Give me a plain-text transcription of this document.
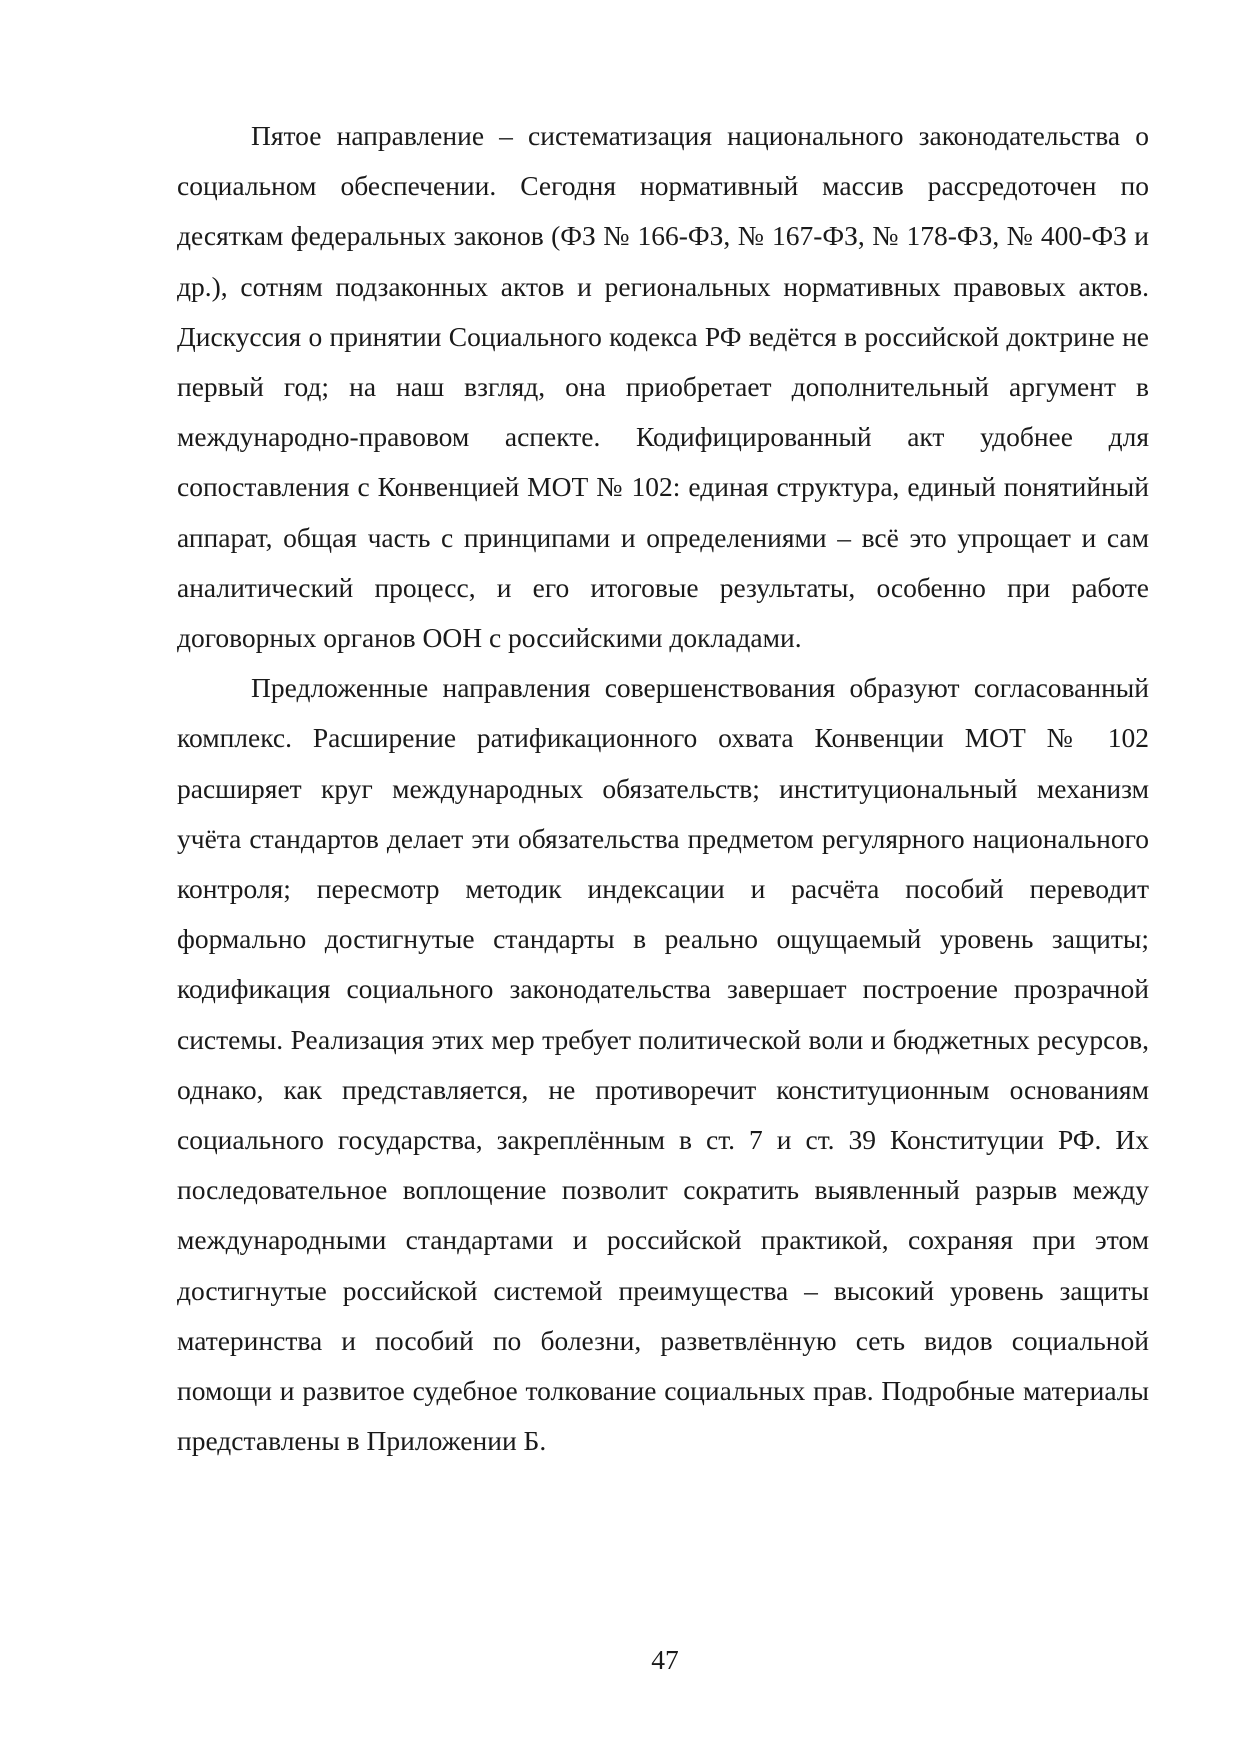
Пятое направление – систематизация национального законодательства о социальном обеспечении. Сегодня нормативный массив рассредоточен по десяткам федеральных законов (ФЗ № 166-ФЗ, № 167-ФЗ, № 178-ФЗ, № 400-ФЗ и др.), сотням подзаконных актов и региональных нормативных правовых актов. Дискуссия о принятии Социального кодекса РФ ведётся в российской доктрине не первый год; на наш взгляд, она приобретает дополнительный аргумент в международно-правовом аспекте. Кодифицированный акт удобнее для сопоставления с Конвенцией МОТ № 102: единая структура, единый понятийный аппарат, общая часть с принципами и определениями – всё это упрощает и сам аналитический процесс, и его итоговые результаты, особенно при работе договорных органов ООН с российскими докладами.

Предложенные направления совершенствования образуют согласованный комплекс. Расширение ратификационного охвата Конвенции МОТ № 102 расширяет круг международных обязательств; институциональный механизм учёта стандартов делает эти обязательства предметом регулярного национального контроля; пересмотр методик индексации и расчёта пособий переводит формально достигнутые стандарты в реально ощущаемый уровень защиты; кодификация социального законодательства завершает построение прозрачной системы. Реализация этих мер требует политической воли и бюджетных ресурсов, однако, как представляется, не противоречит конституционным основаниям социального государства, закреплённым в ст. 7 и ст. 39 Конституции РФ. Их последовательное воплощение позволит сократить выявленный разрыв между международными стандартами и российской практикой, сохраняя при этом достигнутые российской системой преимущества – высокий уровень защиты материнства и пособий по болезни, разветвлённую сеть видов социальной помощи и развитое судебное толкование социальных прав. Подробные материалы представлены в Приложении Б.

47
